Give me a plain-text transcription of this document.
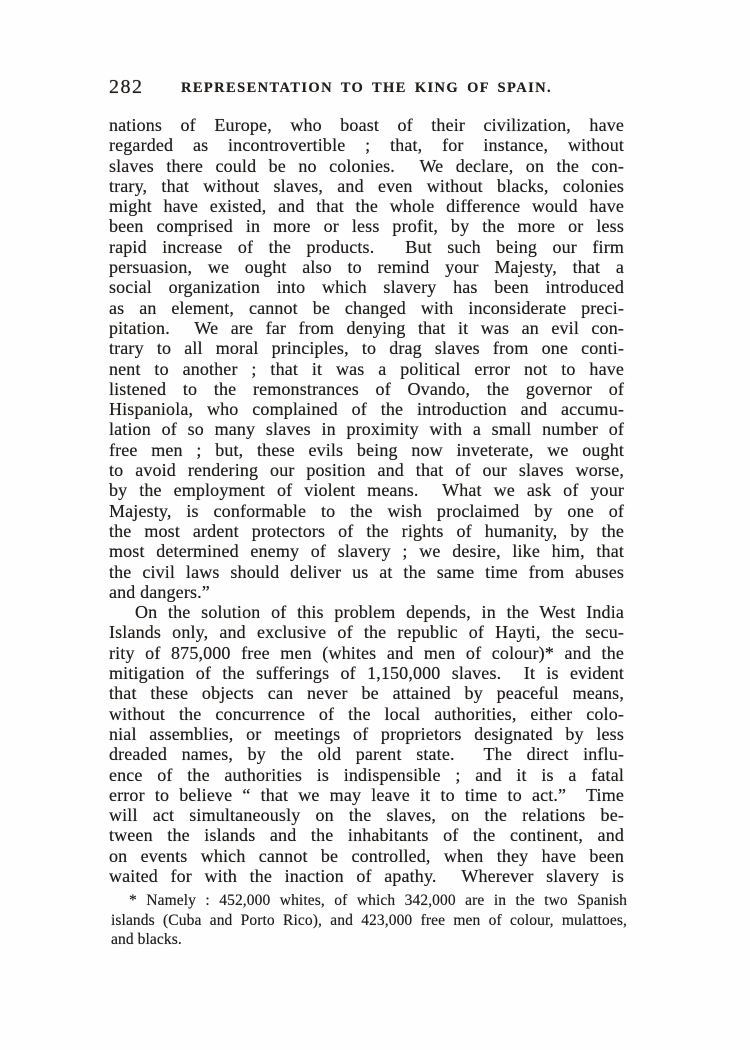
282	REPRESENTATION TO THE KING OF SPAIN.
nations of Europe, who boast of their civilization, have
regarded as incontrovertible ; that, for instance, without
slaves there could be no colonies.  We declare, on the con-
trary, that without slaves, and even without blacks, colonies
might have existed, and that the whole difference would have
been comprised in more or less profit, by the more or less
rapid increase of the products.  But such being our firm
persuasion, we ought also to remind your Majesty, that a
social organization into which slavery has been introduced
as an element, cannot be changed with inconsiderate preci-
pitation.  We are far from denying that it was an evil con-
trary to all moral principles, to drag slaves from one conti-
nent to another ; that it was a political error not to have
listened to the remonstrances of Ovando, the governor of
Hispaniola, who complained of the introduction and accumu-
lation of so many slaves in proximity with a small number of
free men ; but, these evils being now inveterate, we ought
to avoid rendering our position and that of our slaves worse,
by the employment of violent means.  What we ask of your
Majesty, is conformable to the wish proclaimed by one of
the most ardent protectors of the rights of humanity, by the
most determined enemy of slavery ; we desire, like him, that
the civil laws should deliver us at the same time from abuses
and dangers.”
On the solution of this problem depends, in the West India
Islands only, and exclusive of the republic of Hayti, the secu-
rity of 875,000 free men (whites and men of colour)* and the
mitigation of the sufferings of 1,150,000 slaves.  It is evident
that these objects can never be attained by peaceful means,
without the concurrence of the local authorities, either colo-
nial assemblies, or meetings of proprietors designated by less
dreaded names, by the old parent state.  The direct influ-
ence of the authorities is indispensible ; and it is a fatal
error to believe “ that we may leave it to time to act.”  Time
will act simultaneously on the slaves, on the relations be-
tween the islands and the inhabitants of the continent, and
on events which cannot be controlled, when they have been
waited for with the inaction of apathy.  Wherever slavery is
* Namely : 452,000 whites, of which 342,000 are in the two Spanish
islands (Cuba and Porto Rico), and 423,000 free men of colour, mulattoes,
and blacks.
